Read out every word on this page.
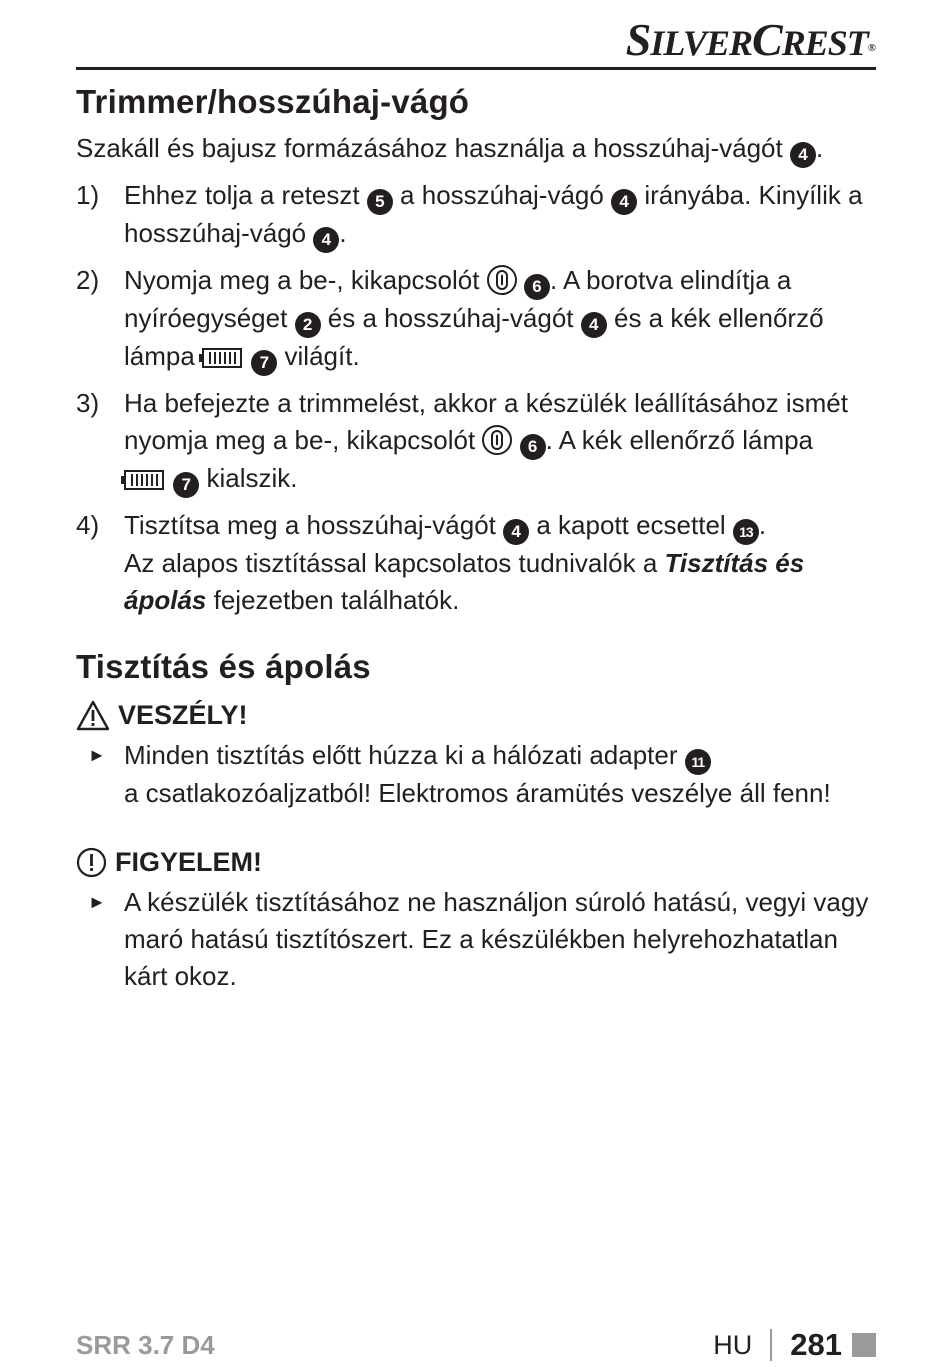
SILVERCREST®
Trimmer/hosszúhaj-vágó

Szakáll és bajusz formázásához használja a hosszúhaj-vágót 4 .

1) Ehhez tolja a reteszt 5 a hosszúhaj-vágó 4 irányába. Kinyílik a hosszúhaj-vágó 4 .
2) Nyomja meg a be-, kikapcsolót	6 . A borotva elindítja a nyíróegységet 2 és a hosszúhaj-vágót 4 és a kék ellenőrző lámpa	7 világít.
3) Ha befejezte a trimmelést, akkor a készülék leállításához ismét nyomja meg a be-, kikapcsolót	6 . A kék ellenőrző lámpa
7 kialszik.
4) Tisztítsa meg a hosszúhaj-vágót 4 a kapott ecsettel 13 .
Az alapos tisztítással kapcsolatos tudnivalók a Tisztítás és ápolás fejezetben találhatók.
Tisztítás és ápolás
VESZÉLY!
► Minden tisztítás előtt húzza ki a hálózati adapter 11
a csatlakozóaljzatból! Elektromos áramütés veszélye áll fenn!
FIGYELEM!
► A készülék tisztításához ne használjon súroló hatású, vegyi vagy maró hatású tisztítószert. Ez a készülékben helyrehozhatatlan kárt okoz.
SRR 3.7 D4	HU 281
